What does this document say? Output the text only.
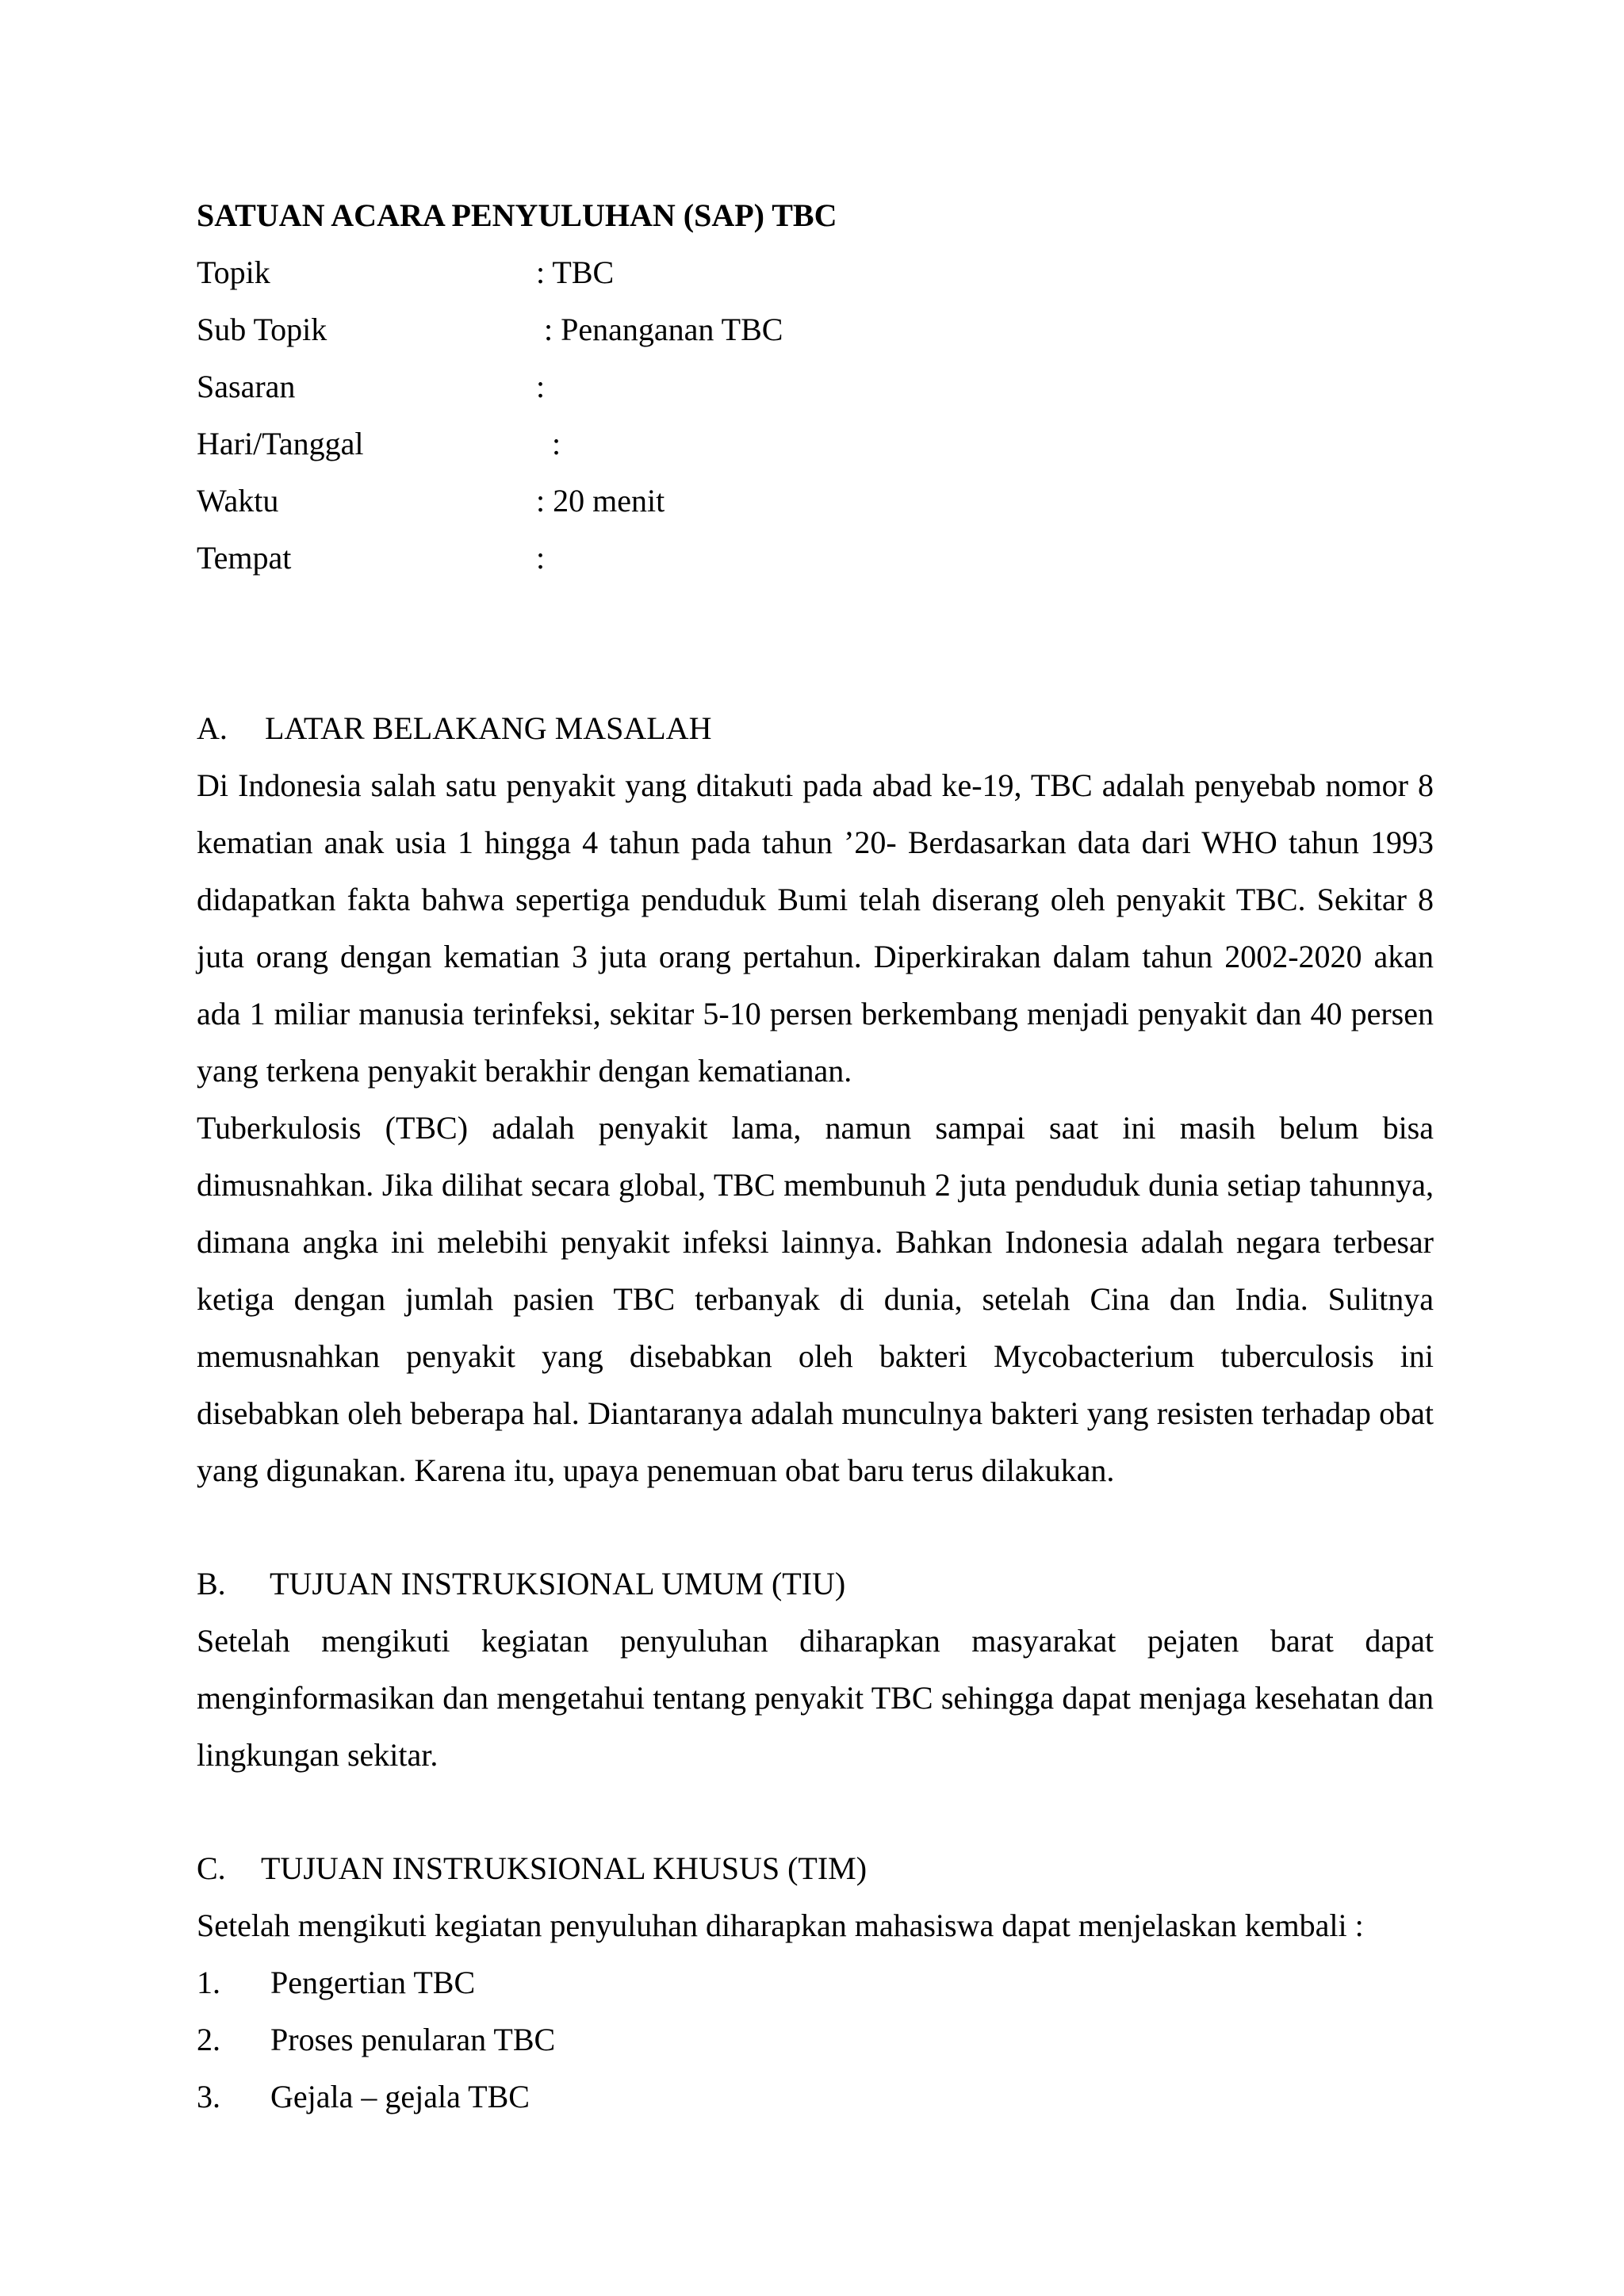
SATUAN ACARA PENYULUHAN (SAP) TBC

Topik	: TBC
Sub Topik	: Penanganan TBC
Sasaran	:
Hari/Tanggal	:
Waktu	: 20 menit
Tempat	:
A.	LATAR BELAKANG MASALAH

Di Indonesia salah satu penyakit yang ditakuti pada abad ke-19, TBC adalah penyebab nomor 8 kematian anak usia 1 hingga 4 tahun pada tahun ’20- Berdasarkan data dari WHO tahun 1993 didapatkan fakta bahwa sepertiga penduduk Bumi telah diserang oleh penyakit TBC. Sekitar 8 juta orang dengan kematian 3 juta orang pertahun. Diperkirakan dalam tahun 2002-2020 akan ada 1 miliar manusia terinfeksi, sekitar 5-10 persen berkembang menjadi penyakit dan 40 persen yang terkena penyakit berakhir dengan kematianan.

Tuberkulosis (TBC) adalah penyakit lama, namun sampai saat ini masih belum bisa dimusnahkan. Jika dilihat secara global, TBC membunuh 2 juta penduduk dunia setiap tahunnya, dimana angka ini melebihi penyakit infeksi lainnya. Bahkan Indonesia adalah negara terbesar ketiga dengan jumlah pasien TBC terbanyak di dunia, setelah Cina dan India. Sulitnya memusnahkan penyakit yang disebabkan oleh bakteri Mycobacterium tuberculosis ini disebabkan oleh beberapa hal. Diantaranya adalah munculnya bakteri yang resisten terhadap obat yang digunakan. Karena itu, upaya penemuan obat baru terus dilakukan.

B.	TUJUAN INSTRUKSIONAL UMUM (TIU)

Setelah mengikuti kegiatan penyuluhan diharapkan masyarakat pejaten barat dapat menginformasikan dan mengetahui tentang penyakit TBC sehingga dapat menjaga kesehatan dan lingkungan sekitar.

C.	TUJUAN INSTRUKSIONAL KHUSUS (TIM)

Setelah mengikuti kegiatan penyuluhan diharapkan mahasiswa dapat menjelaskan kembali :

1.	Pengertian TBC
2.	Proses penularan TBC
3.	Gejala – gejala TBC
